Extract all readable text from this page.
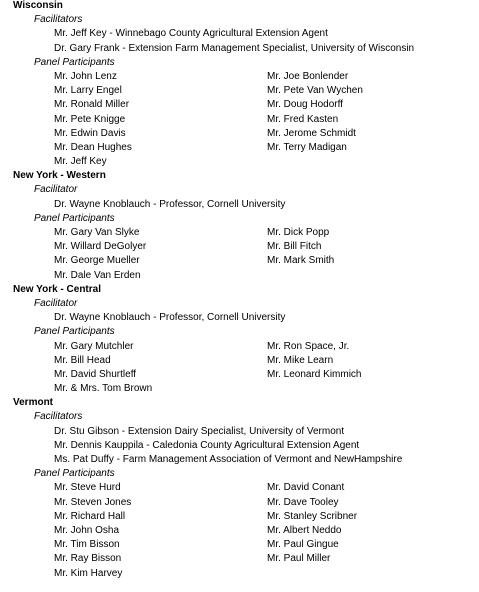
Wisconsin
Facilitators
Mr. Jeff Key - Winnebago County Agricultural Extension Agent
Dr. Gary Frank - Extension Farm Management Specialist, University of Wisconsin
Panel Participants
Mr. John Lenz	Mr. Joe Bonlender
Mr. Larry Engel	Mr. Pete Van Wychen
Mr. Ronald Miller	Mr. Doug Hodorff
Mr. Pete Knigge	Mr. Fred Kasten
Mr. Edwin Davis	Mr. Jerome Schmidt
Mr. Dean Hughes	Mr. Terry Madigan
Mr. Jeff Key
New York - Western
Facilitator
Dr. Wayne Knoblauch - Professor, Cornell University
Panel Participants
Mr. Gary Van Slyke	Mr. Dick Popp
Mr. Willard DeGolyer	Mr. Bill Fitch
Mr. George Mueller	Mr. Mark Smith
Mr. Dale Van Erden
New York - Central
Facilitator
Dr. Wayne Knoblauch - Professor, Cornell University
Panel Participants
Mr. Gary Mutchler	Mr. Ron Space, Jr.
Mr. Bill Head	Mr. Mike Learn
Mr. David Shurtleff	Mr. Leonard Kimmich
Mr. & Mrs. Tom Brown
Vermont
Facilitators
Dr. Stu Gibson - Extension Dairy Specialist, University of Vermont
Mr. Dennis Kauppila - Caledonia County Agricultural Extension Agent
Ms. Pat Duffy - Farm Management Association of Vermont and NewHampshire
Panel Participants
Mr. Steve Hurd	Mr. David Conant
Mr. Steven Jones	Mr. Dave Tooley
Mr. Richard Hall	Mr. Stanley Scribner
Mr. John Osha	Mr. Albert Neddo
Mr. Tim Bisson	Mr. Paul Gingue
Mr. Ray Bisson	Mr. Paul Miller
Mr. Kim Harvey
